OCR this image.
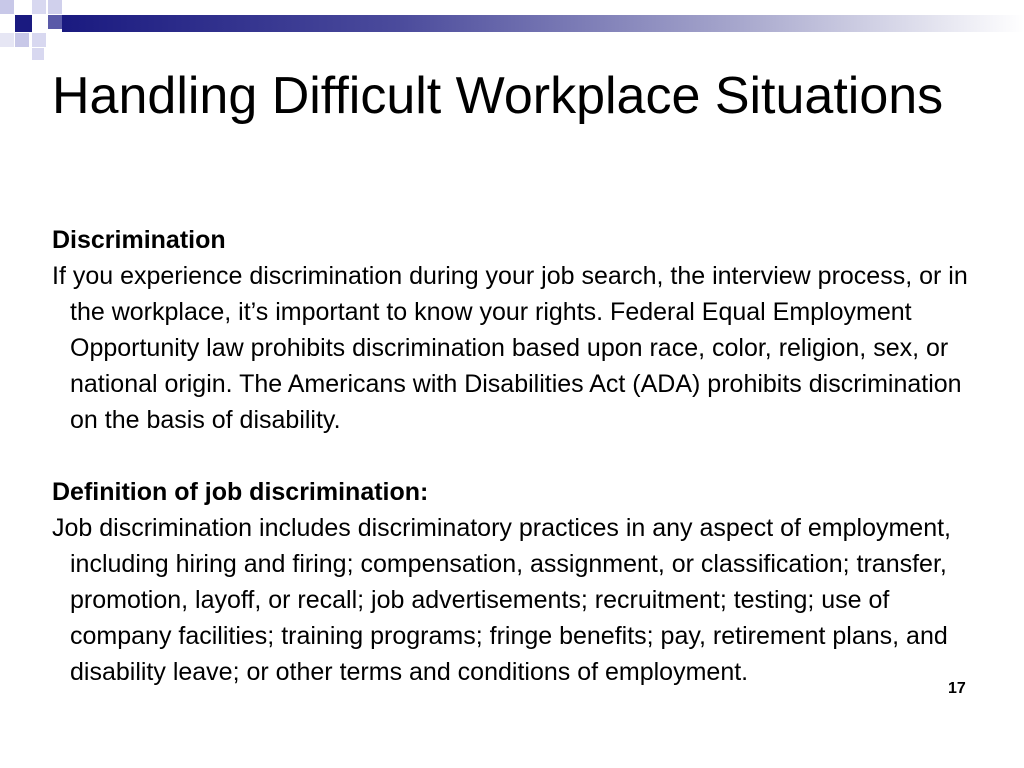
Handling Difficult Workplace Situations

Discrimination

If you experience discrimination during your job search, the interview process, or in the workplace, it’s important to know your rights. Federal Equal Employment Opportunity law prohibits discrimination based upon race, color, religion, sex, or national origin. The Americans with Disabilities Act (ADA) prohibits discrimination on the basis of disability.

Definition of job discrimination:

Job discrimination includes discriminatory practices in any aspect of employment, including hiring and firing; compensation, assignment, or classification; transfer, promotion, layoff, or recall; job advertisements; recruitment; testing; use of company facilities; training programs; fringe benefits; pay, retirement plans, and disability leave; or other terms and conditions of employment.

17
